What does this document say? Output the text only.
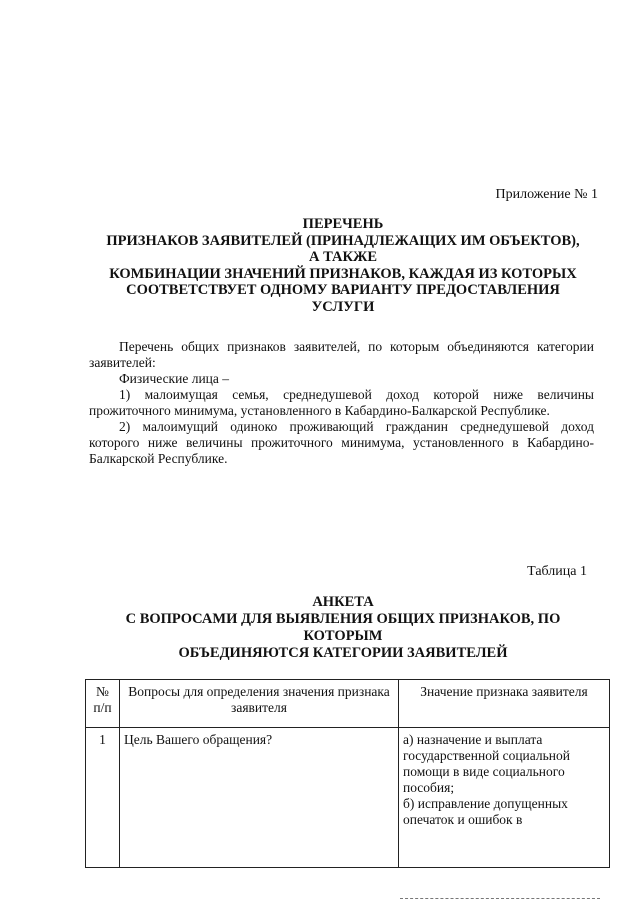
Приложение № 1
ПЕРЕЧЕНЬ
ПРИЗНАКОВ ЗАЯВИТЕЛЕЙ (ПРИНАДЛЕЖАЩИХ ИМ ОБЪЕКТОВ),
А ТАКЖЕ
КОМБИНАЦИИ ЗНАЧЕНИЙ ПРИЗНАКОВ, КАЖДАЯ ИЗ КОТОРЫХ
СООТВЕТСТВУЕТ ОДНОМУ ВАРИАНТУ ПРЕДОСТАВЛЕНИЯ
УСЛУГИ

Перечень общих признаков заявителей, по которым объединяются категории заявителей:

Физические лица –

1) малоимущая семья, среднедушевой доход которой ниже величины прожиточного минимума, установленного в Кабардино-Балкарской Республике.

2) малоимущий одиноко проживающий гражданин среднедушевой доход которого ниже величины прожиточного минимума, установленного в Кабардино-Балкарской Республике.

Таблица 1
АНКЕТА
С ВОПРОСАМИ ДЛЯ ВЫЯВЛЕНИЯ ОБЩИХ ПРИЗНАКОВ, ПО
КОТОРЫМ
ОБЪЕДИНЯЮТСЯ КАТЕГОРИИ ЗАЯВИТЕЛЕЙ
№ п/п	Вопросы для определения значения признака заявителя	Значение признака заявителя
1	Цель Вашего обращения?	а) назначение и выплата государственной социальной помощи в виде социального пособия;
б) исправление допущенных опечаток и ошибок в
